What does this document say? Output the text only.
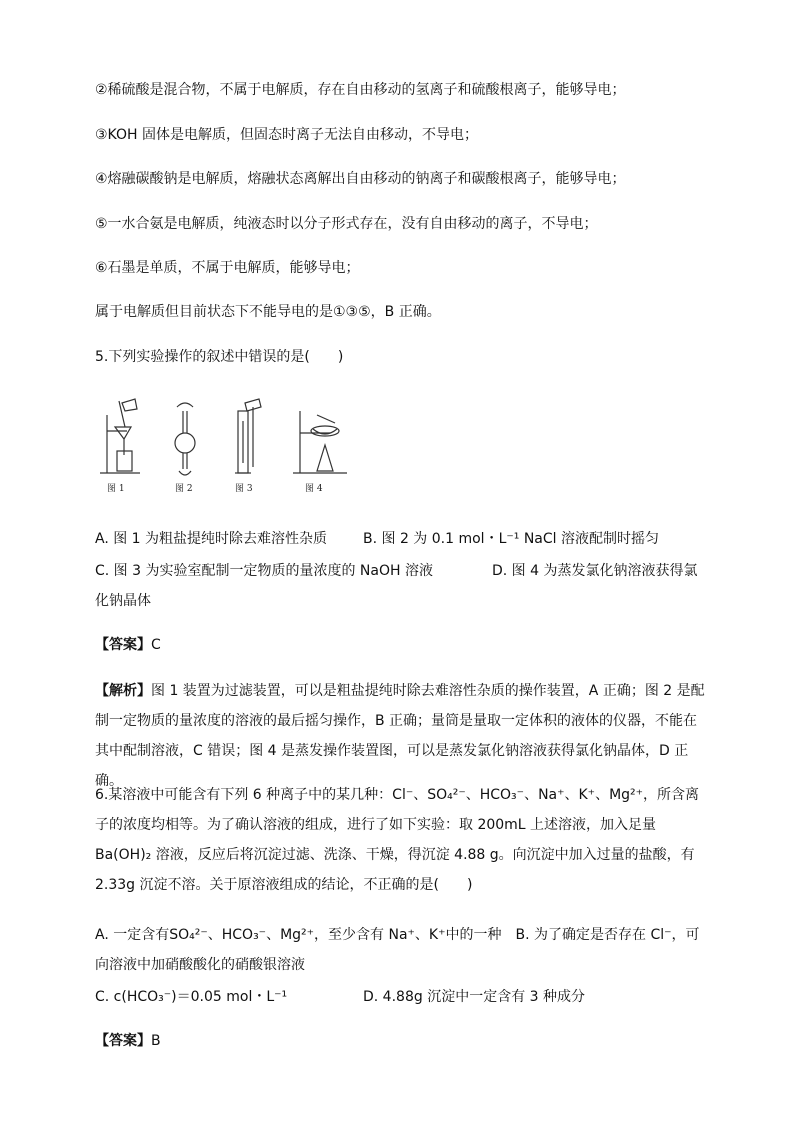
②稀硫酸是混合物，不属于电解质，存在自由移动的氢离子和硫酸根离子，能够导电；
③KOH 固体是电解质，但固态时离子无法自由移动，不导电；
④熔融碳酸钠是电解质，熔融状态离解出自由移动的钠离子和碳酸根离子，能够导电；
⑤一水合氨是电解质，纯液态时以分子形式存在，没有自由移动的离子，不导电；
⑥石墨是单质，不属于电解质，能够导电；
属于电解质但目前状态下不能导电的是①③⑤，B 正确。
5.下列实验操作的叙述中错误的是(　　)
图 1	图 2	图 3	图 4
A. 图 1 为粗盐提纯时除去难溶性杂质	B. 图 2 为 0.1 mol・L⁻¹ NaCl 溶液配制时摇匀
C. 图 3 为实验室配制一定物质的量浓度的 NaOH 溶液	D. 图 4 为蒸发氯化钠溶液获得氯
化钠晶体
【答案】C
【解析】图 1 装置为过滤装置，可以是粗盐提纯时除去难溶性杂质的操作装置，A 正确；图 2 是配制一定物质的量浓度的溶液的最后摇匀操作，B 正确；量筒是量取一定体积的液体的仪器，不能在其中配制溶液，C 错误；图 4 是蒸发操作装置图，可以是蒸发氯化钠溶液获得氯化钠晶体，D 正确。
6.某溶液中可能含有下列 6 种离子中的某几种：Cl⁻、SO₄²⁻、HCO₃⁻、Na⁺、K⁺、Mg²⁺，所含离子的浓度均相等。为了确认溶液的组成，进行了如下实验：取 200mL 上述溶液，加入足量 Ba(OH)₂ 溶液，反应后将沉淀过滤、洗涤、干燥，得沉淀 4.88 g。向沉淀中加入过量的盐酸，有 2.33g 沉淀不溶。关于原溶液组成的结论，不正确的是(　　)
A. 一定含有SO₄²⁻、HCO₃⁻、Mg²⁺，至少含有 Na⁺、K⁺中的一种　B. 为了确定是否存在 Cl⁻，可向溶液中加硝酸酸化的硝酸银溶液
C. c(HCO₃⁻)＝0.05 mol・L⁻¹	D. 4.88g 沉淀中一定含有 3 种成分
【答案】B
